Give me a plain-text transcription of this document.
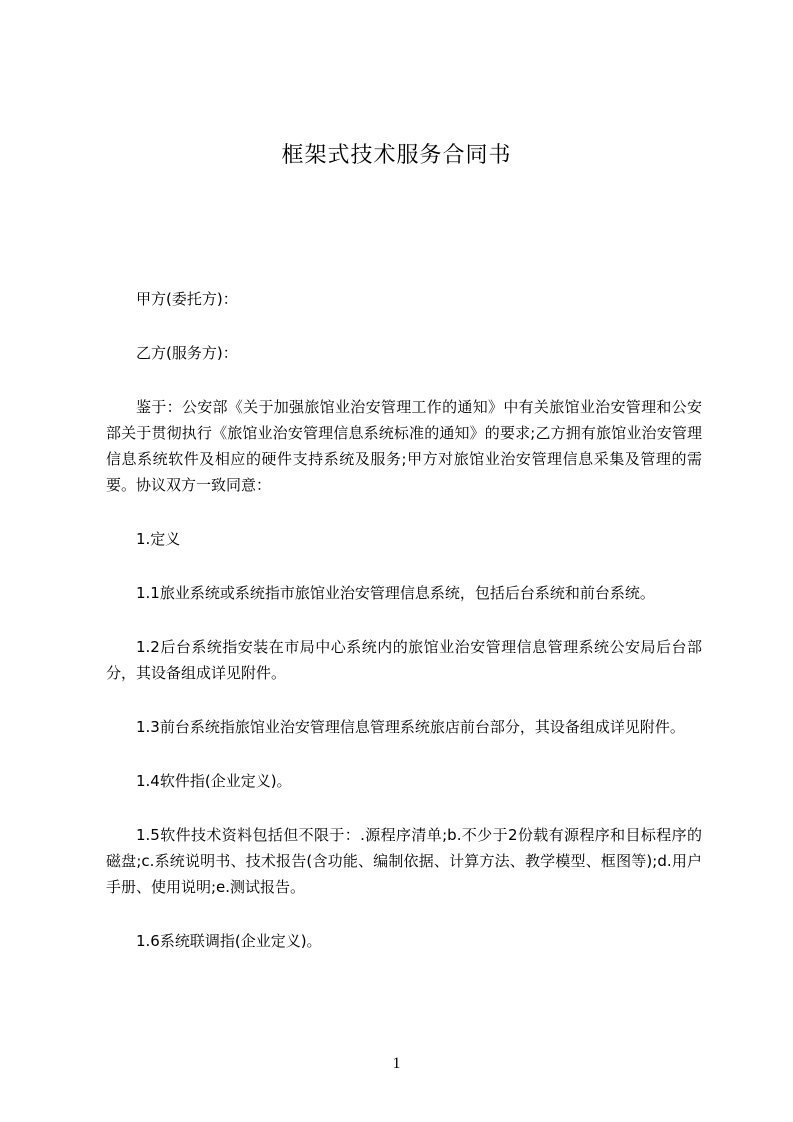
框架式技术服务合同书

甲方(委托方)：

乙方(服务方)：

鉴于：公安部《关于加强旅馆业治安管理工作的通知》中有关旅馆业治安管理和公安部关于贯彻执行《旅馆业治安管理信息系统标准的通知》的要求;乙方拥有旅馆业治安管理信息系统软件及相应的硬件支持系统及服务;甲方对旅馆业治安管理信息采集及管理的需要。协议双方一致同意：

1.定义

1.1旅业系统或系统指市旅馆业治安管理信息系统，包括后台系统和前台系统。

1.2后台系统指安装在市局中心系统内的旅馆业治安管理信息管理系统公安局后台部分，其设备组成详见附件。

1.3前台系统指旅馆业治安管理信息管理系统旅店前台部分，其设备组成详见附件。

1.4软件指(企业定义)。

1.5软件技术资料包括但不限于：.源程序清单;b.不少于2份载有源程序和目标程序的磁盘;c.系统说明书、技术报告(含功能、编制依据、计算方法、教学模型、框图等);d.用户手册、使用说明;e.测试报告。

1.6系统联调指(企业定义)。

1
